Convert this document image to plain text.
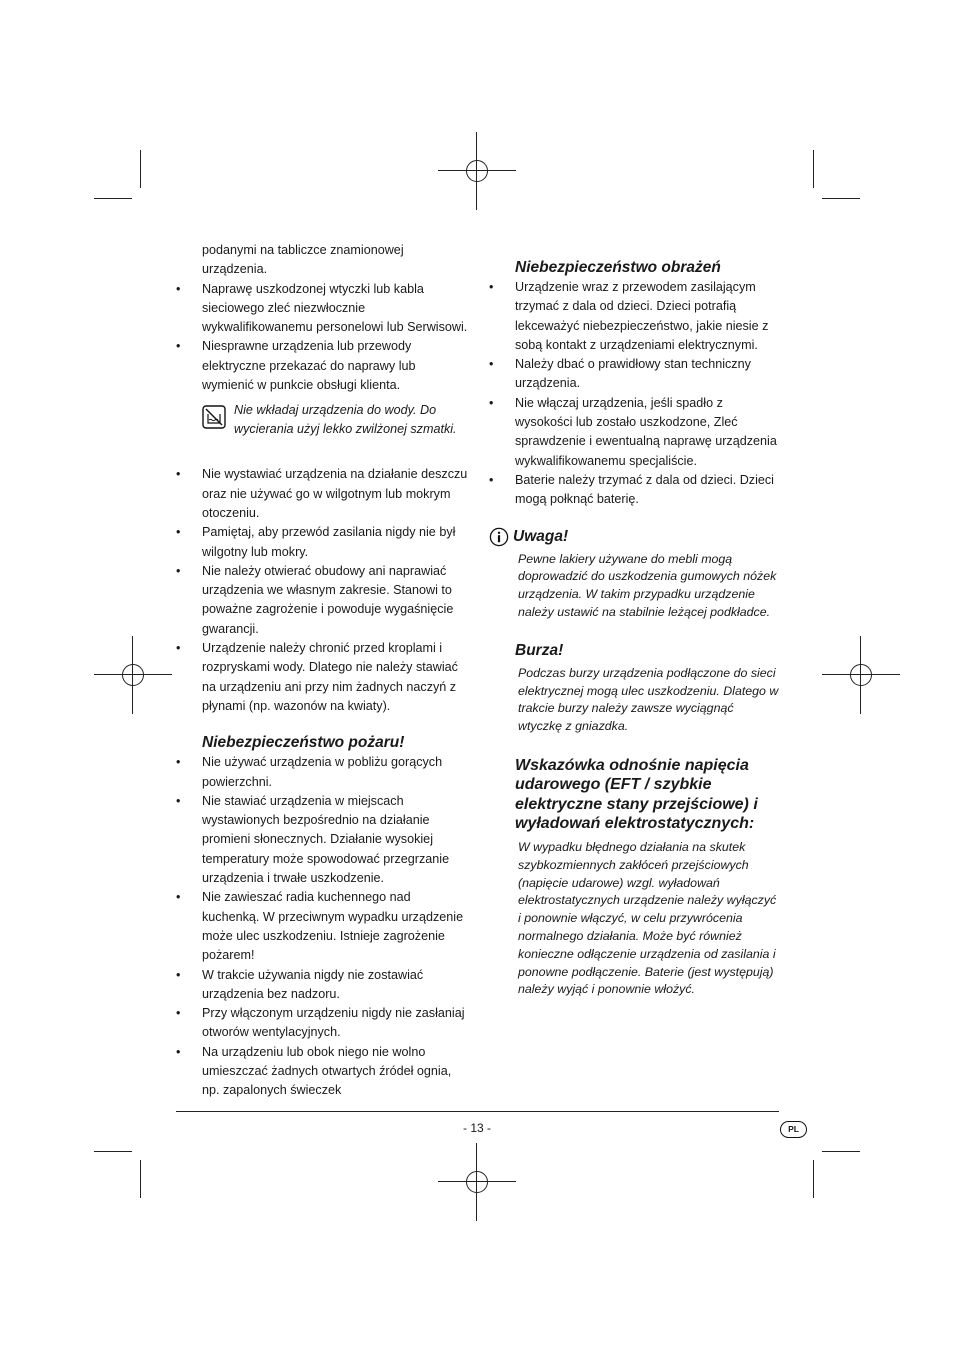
podanymi na tabliczce znamionowej urządzenia.

• Naprawę uszkodzonej wtyczki lub kabla sieciowego zleć niezwłocznie wykwalifikowanemu personelowi lub Serwisowi.
• Niesprawne urządzenia lub przewody elektryczne przekazać do naprawy lub wymienić w punkcie obsługi klienta.
Nie wkładaj urządzenia do wody. Do wycierania użyj lekko zwilżonej szmatki.
• Nie wystawiać urządzenia na działanie deszczu oraz nie używać go w wilgotnym lub mokrym otoczeniu.
• Pamiętaj, aby przewód zasilania nigdy nie był wilgotny lub mokry.
• Nie należy otwierać obudowy ani naprawiać urządzenia we własnym zakresie. Stanowi to poważne zagrożenie i powoduje wygaśnięcie gwarancji.
• Urządzenie należy chronić przed kroplami i rozpryskami wody. Dlatego nie należy stawiać na urządzeniu ani przy nim żadnych naczyń z płynami (np. wazonów na kwiaty).
Niebezpieczeństwo pożaru!
• Nie używać urządzenia w pobliżu gorących powierzchni.
• Nie stawiać urządzenia w miejscach wystawionych bezpośrednio na działanie promieni słonecznych. Działanie wysokiej temperatury może spowodować przegrzanie urządzenia i trwałe uszkodzenie.
• Nie zawieszać radia kuchennego nad kuchenką. W przeciwnym wypadku urządzenie może ulec uszkodzeniu. Istnieje zagrożenie pożarem!
• W trakcie używania nigdy nie zostawiać urządzenia bez nadzoru.
• Przy włączonym urządzeniu nigdy nie zasłaniaj otworów wentylacyjnych.
• Na urządzeniu lub obok niego nie wolno umieszczać żadnych otwartych źródeł ognia, np. zapalonych świeczek
Niebezpieczeństwo obrażeń
• Urządzenie wraz z przewodem zasilającym trzymać z dala od dzieci. Dzieci potrafią lekceważyć niebezpieczeństwo, jakie niesie z sobą kontakt z urządzeniami elektrycznymi.
• Należy dbać o prawidłowy stan techniczny urządzenia.
• Nie włączaj urządzenia, jeśli spadło z wysokości lub zostało uszkodzone, Zleć sprawdzenie i ewentualną naprawę urządzenia wykwalifikowanemu specjaliście.
• Baterie należy trzymać z dala od dzieci. Dzieci mogą połknąć baterię.
Uwaga!

Pewne lakiery używane do mebli mogą doprowadzić do uszkodzenia gumowych nóżek urządzenia. W takim przypadku urządzenie należy ustawić na stabilnie leżącej podkładce.

Burza!

Podczas burzy urządzenia podłączone do sieci elektrycznej mogą ulec uszkodzeniu. Dlatego w trakcie burzy należy zawsze wyciągnąć wtyczkę z gniazdka.

Wskazówka odnośnie napięcia udarowego (EFT / szybkie elektryczne stany przejściowe) i wyładowań elektrostatycznych:

W wypadku błędnego działania na skutek szybkozmiennych zakłóceń przejściowych (napięcie udarowe) wzgl. wyładowań elektrostatycznych urządzenie należy wyłączyć i ponownie włączyć, w celu przywrócenia normalnego działania. Może być również konieczne odłączenie urządzenia od zasilania i ponowne podłączenie. Baterie (jest występują) należy wyjąć i ponownie włożyć.

- 13 -	PL
